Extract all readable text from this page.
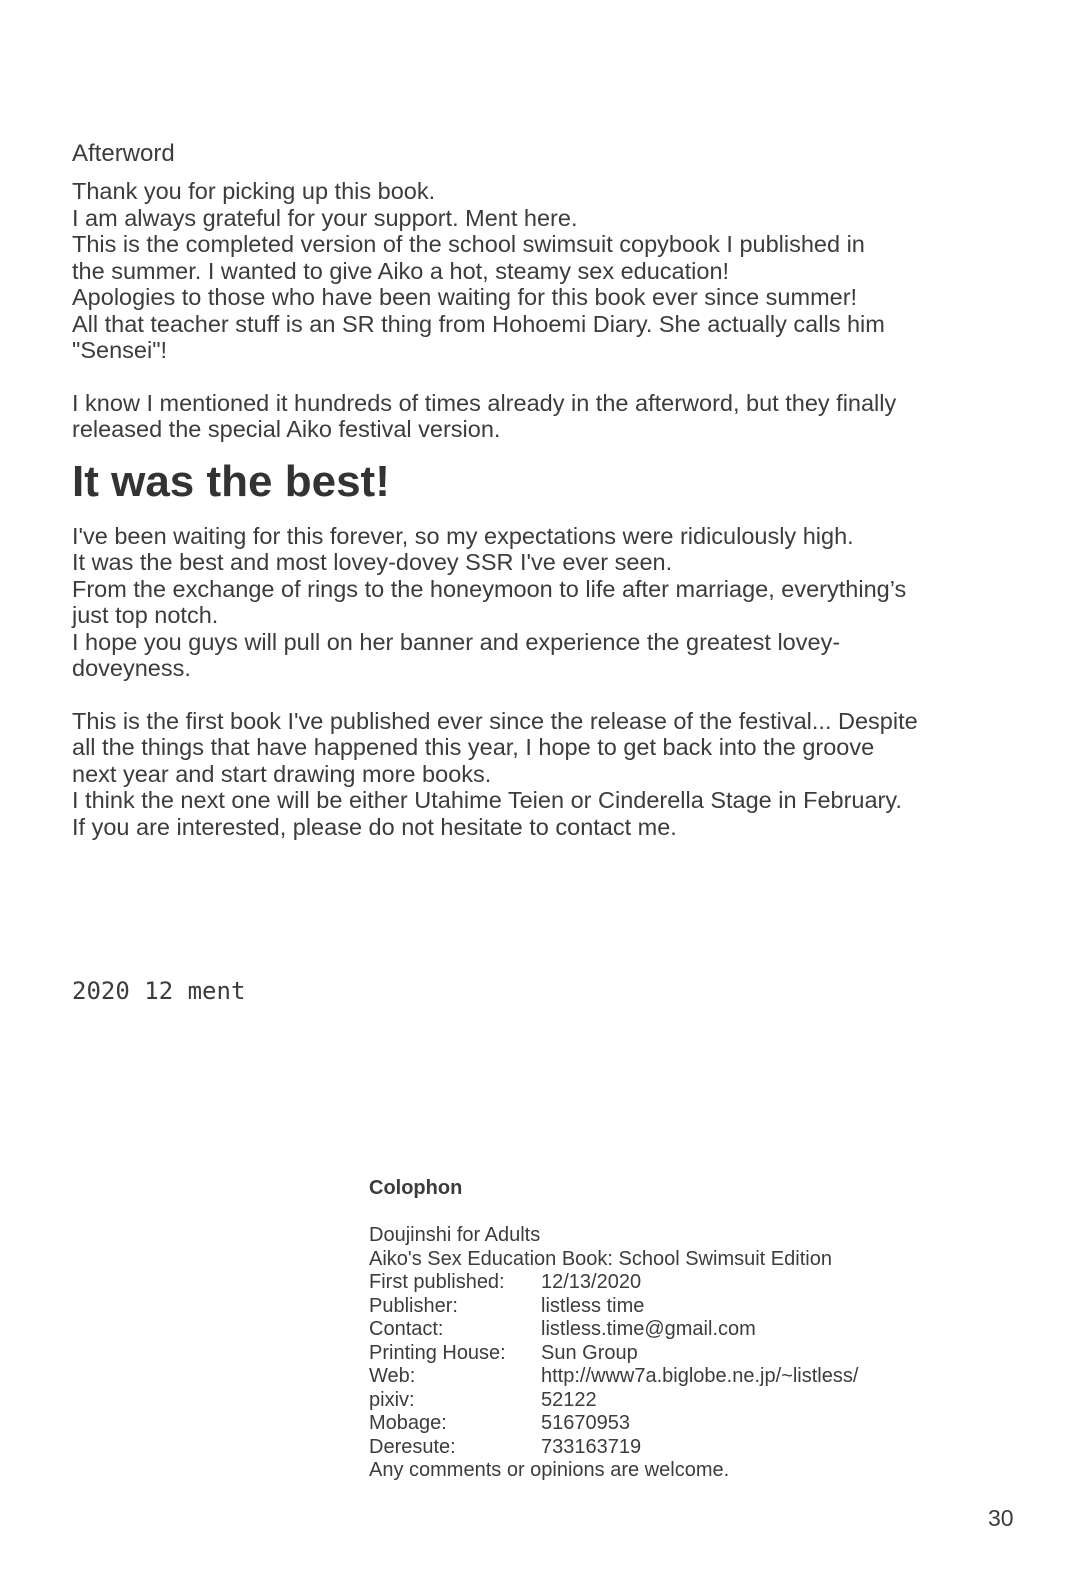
Afterword

Thank you for picking up this book.
I am always grateful for your support. Ment here.
This is the completed version of the school swimsuit copybook I published in
the summer. I wanted to give Aiko a hot, steamy sex education!
Apologies to those who have been waiting for this book ever since summer!
All that teacher stuff is an SR thing from Hohoemi Diary. She actually calls him
"Sensei"!

I know I mentioned it hundreds of times already in the afterword, but they finally
released the special Aiko festival version.

It was the best!

I've been waiting for this forever, so my expectations were ridiculously high.
It was the best and most lovey-dovey SSR I've ever seen.
From the exchange of rings to the honeymoon to life after marriage, everything’s
just top notch.
I hope you guys will pull on her banner and experience the greatest lovey-
doveyness.

This is the first book I've published ever since the release of the festival... Despite
all the things that have happened this year, I hope to get back into the groove
next year and start drawing more books.
I think the next one will be either Utahime Teien or Cinderella Stage in February.
If you are interested, please do not hesitate to contact me.

2020 12 ment
Colophon
Doujinshi for Adults
Aiko's Sex Education Book: School Swimsuit Edition
First published:	12/13/2020
Publisher:	listless time
Contact:	listless.time@gmail.com
Printing House:	Sun Group
Web:	http://www7a.biglobe.ne.jp/~listless/
pixiv:	52122
Mobage:	51670953
Deresute:	733163719
Any comments or opinions are welcome.
30
